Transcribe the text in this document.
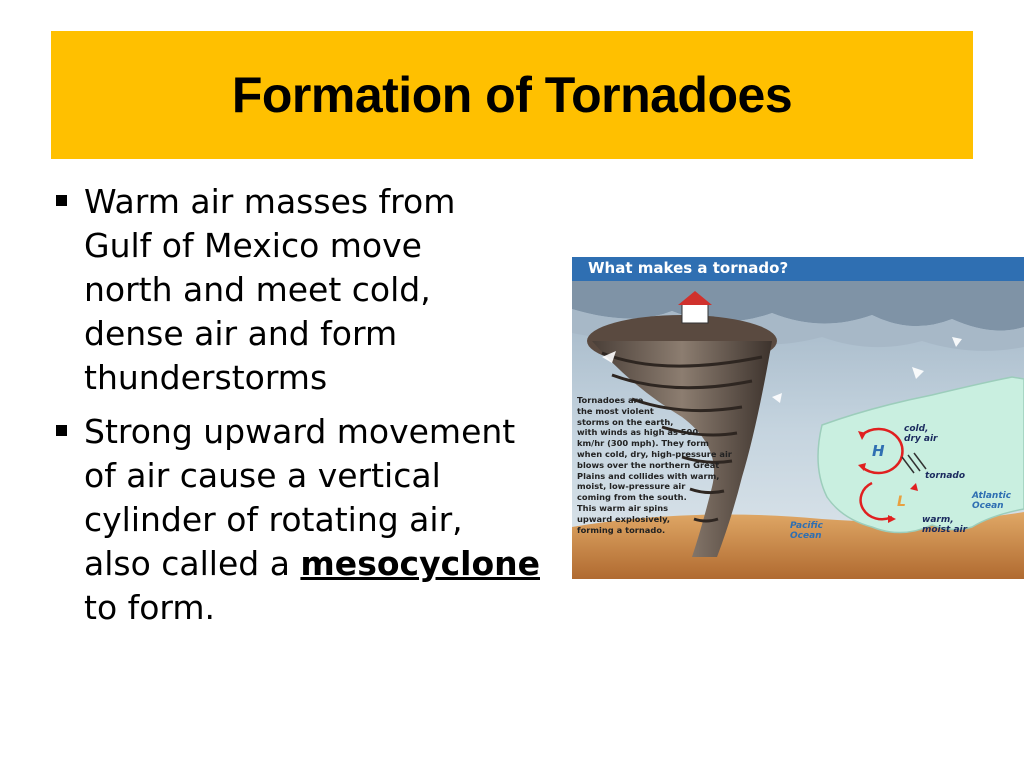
Formation of Tornadoes
Warm air masses from
Gulf of Mexico move
north and meet cold,
dense air and form
thunderstorms
Strong upward movement
of air cause a vertical
cylinder of rotating air,
also called a mesocyclone
to form.
What makes a tornado?
Tornadoes are
the most violent
storms on the earth,
with winds as high as 500
km/hr (300 mph). They form
when cold, dry, high-pressure air
blows over the northern Great
Plains and collides with warm,
moist, low-pressure air
coming from the south.
This warm air spins
upward explosively,
forming a tornado.
cold,
dry air
H
tornado
L	Atlantic
Ocean
Pacific
Ocean
warm,
moist air
